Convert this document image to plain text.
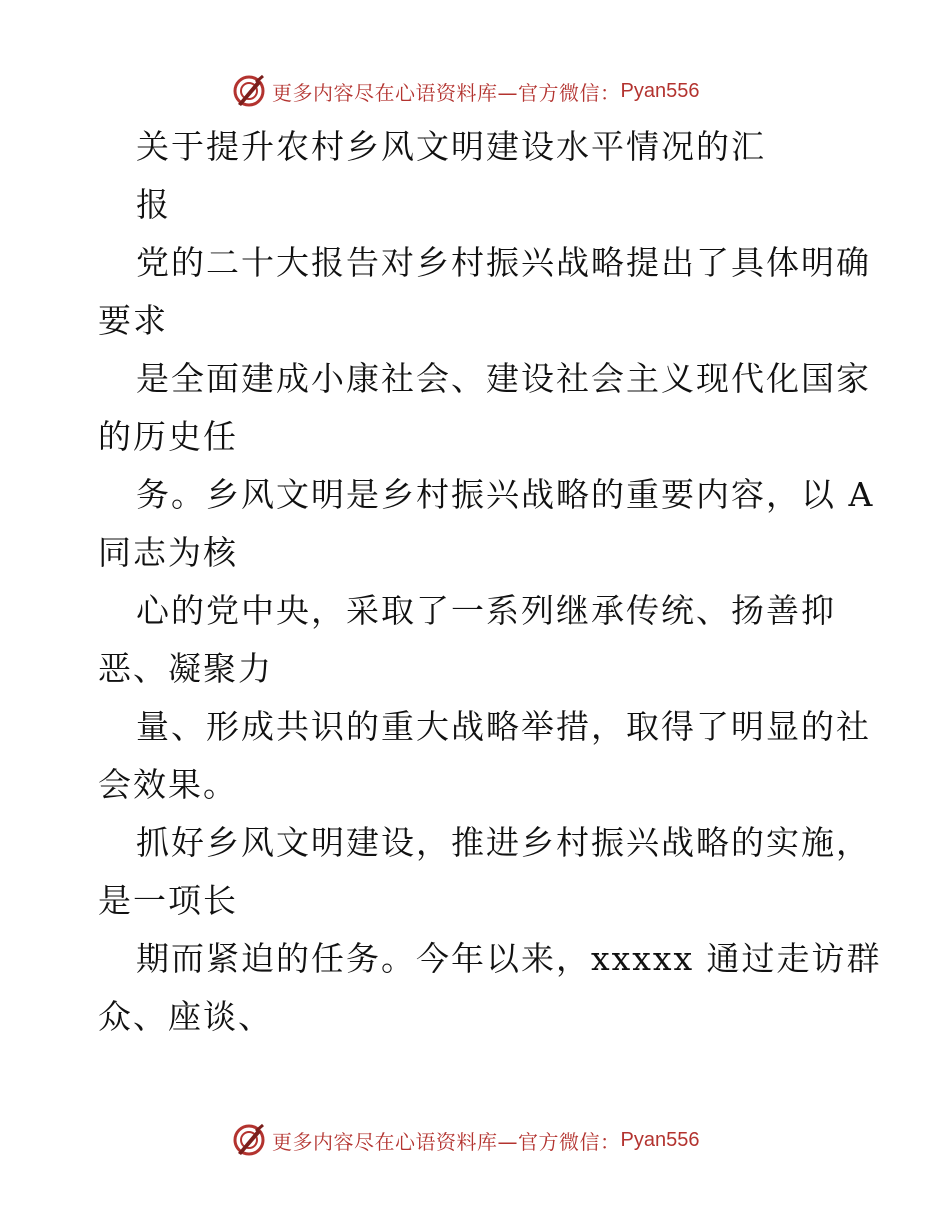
更多内容尽在心语资料库—官方微信： Pyan556
关于提升农村乡风文明建设水平情况的汇
报
党的二十大报告对乡村振兴战略提出了具体明确
要求
是全面建成小康社会、建设社会主义现代化国家
的历史任
务。乡风文明是乡村振兴战略的重要内容，以 A
同志为核
心的党中央，采取了一系列继承传统、扬善抑
恶、凝聚力
量、形成共识的重大战略举措，取得了明显的社
会效果。
抓好乡风文明建设，推进乡村振兴战略的实施，
是一项长
期而紧迫的任务。今年以来，xxxxx 通过走访群
众、座谈、
更多内容尽在心语资料库—官方微信： Pyan556
